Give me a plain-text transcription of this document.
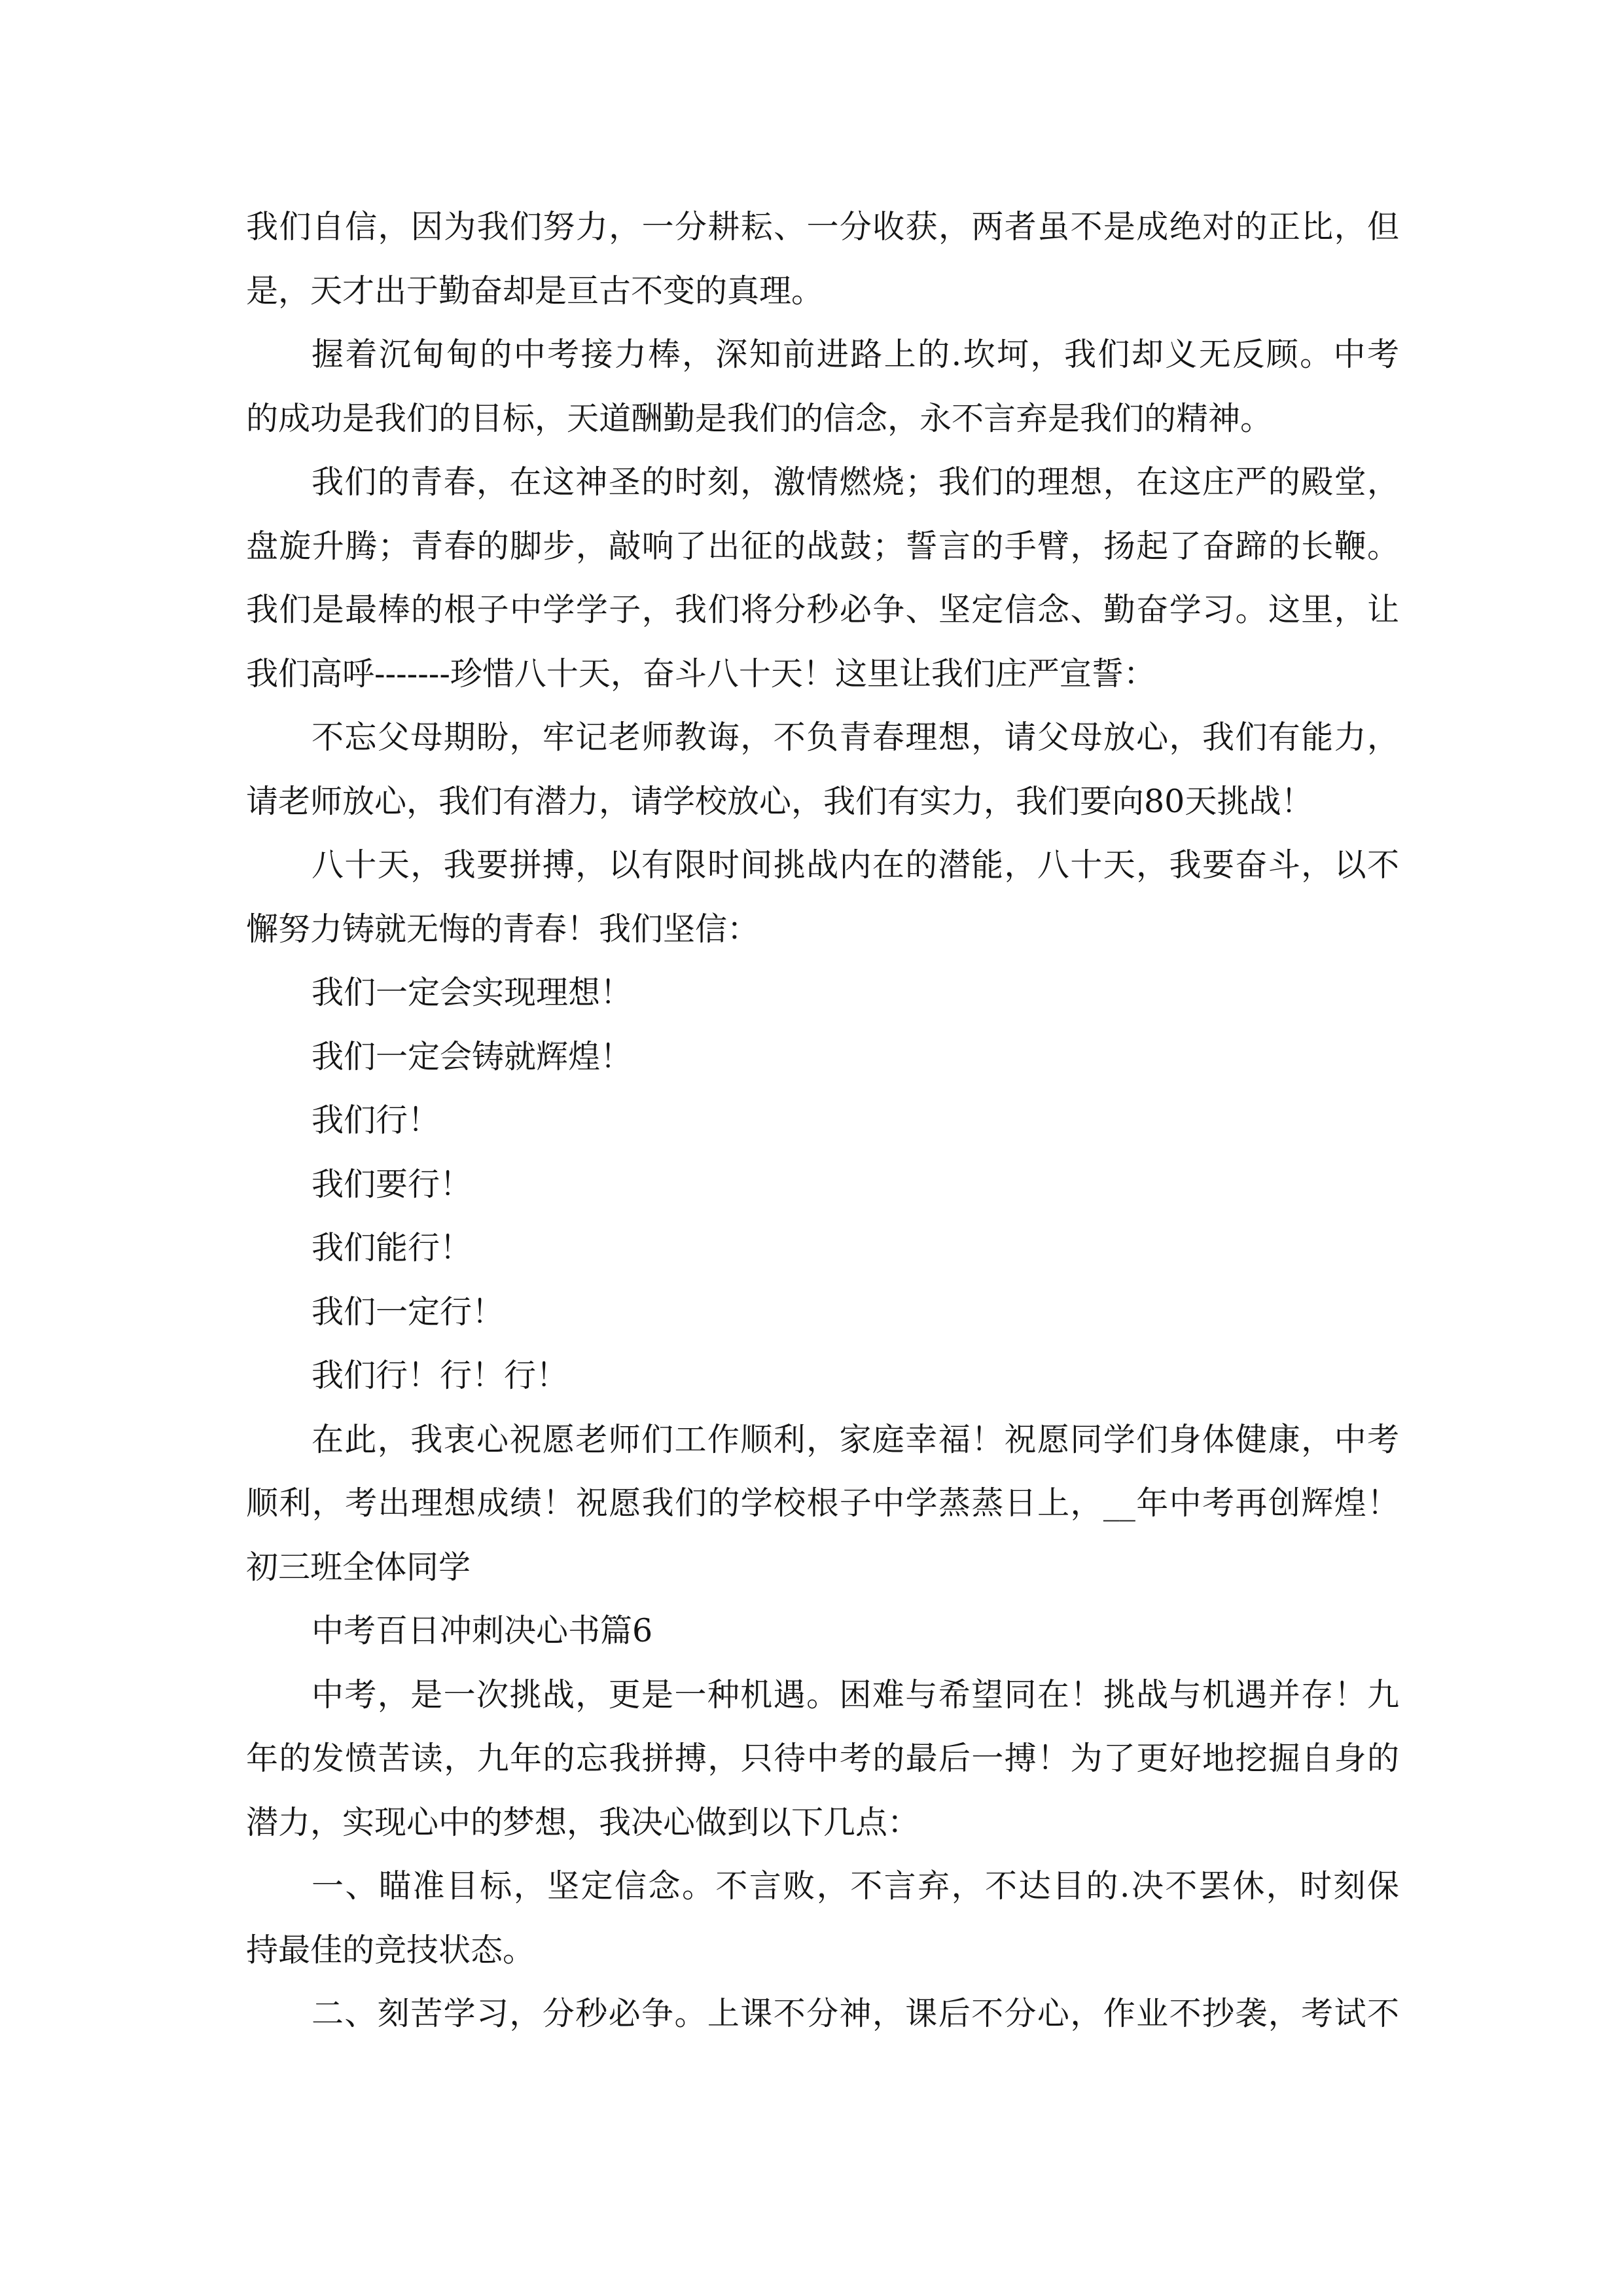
我们自信，因为我们努力，一分耕耘、一分收获，两者虽不是成绝对的正比，但
是，天才出于勤奋却是亘古不变的真理。
握着沉甸甸的中考接力棒，深知前进路上的.坎坷，我们却义无反顾。中考
的成功是我们的目标，天道酬勤是我们的信念，永不言弃是我们的精神。
我们的青春，在这神圣的时刻，激情燃烧；我们的理想，在这庄严的殿堂，
盘旋升腾；青春的脚步，敲响了出征的战鼓；誓言的手臂，扬起了奋蹄的长鞭。
我们是最棒的根子中学学子，我们将分秒必争、坚定信念、勤奋学习。这里，让
我们高呼-------珍惜八十天，奋斗八十天！这里让我们庄严宣誓：
不忘父母期盼，牢记老师教诲，不负青春理想，请父母放心，我们有能力，
请老师放心，我们有潜力，请学校放心，我们有实力，我们要向80天挑战！
八十天，我要拼搏，以有限时间挑战内在的潜能，八十天，我要奋斗，以不
懈努力铸就无悔的青春！我们坚信：
我们一定会实现理想！
我们一定会铸就辉煌！
我们行！
我们要行！
我们能行！
我们一定行！
我们行！行！行！
在此，我衷心祝愿老师们工作顺利，家庭幸福！祝愿同学们身体健康，中考
顺利，考出理想成绩！祝愿我们的学校根子中学蒸蒸日上，__年中考再创辉煌！
初三班全体同学
中考百日冲刺决心书篇6
中考，是一次挑战，更是一种机遇。困难与希望同在！挑战与机遇并存！九
年的发愤苦读，九年的忘我拼搏，只待中考的最后一搏！为了更好地挖掘自身的
潜力，实现心中的梦想，我决心做到以下几点：
一、瞄准目标，坚定信念。不言败，不言弃，不达目的.决不罢休，时刻保
持最佳的竞技状态。
二、刻苦学习，分秒必争。上课不分神，课后不分心，作业不抄袭，考试不
